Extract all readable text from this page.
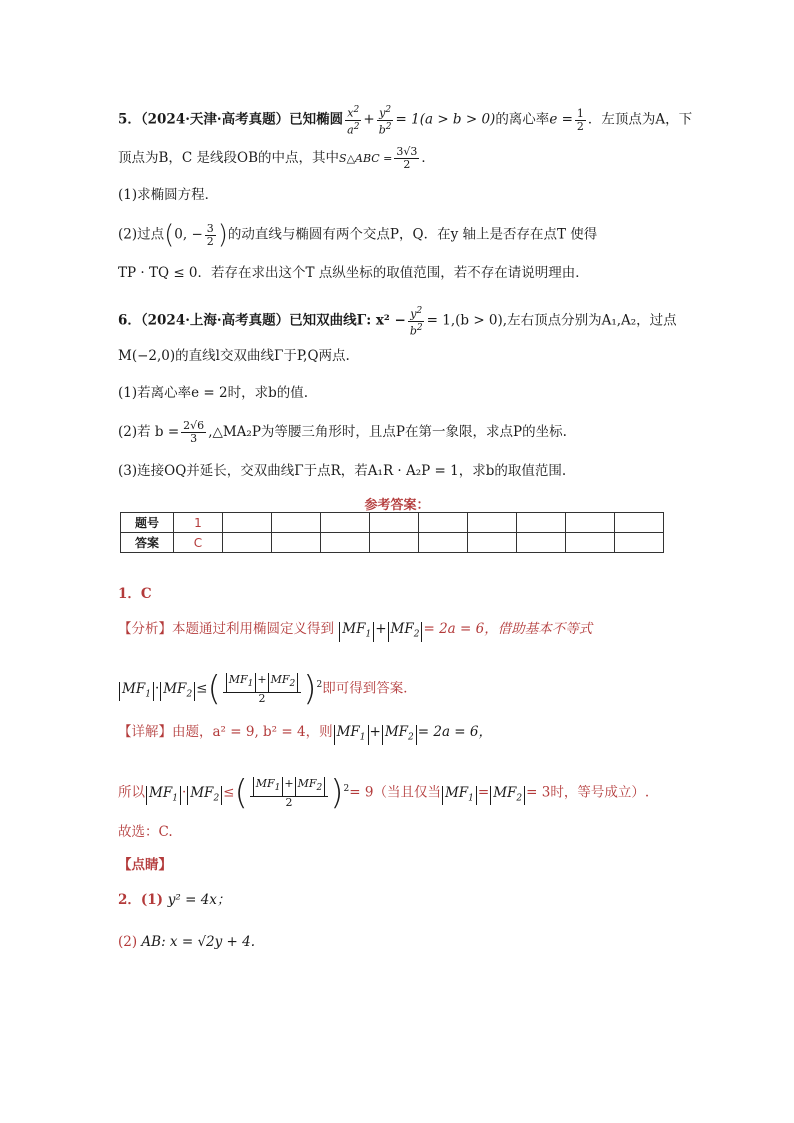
5．（2024·天津·高考真题）已知椭圆 $\frac{x^2}{a^2} + \frac{y^2}{b^2} = 1(a > b > 0)$的离心率$e = \frac{1}{2}$ ．左顶点为A，下
顶点为B，C 是线段OB的中点，其中S△ABC = $\frac{3√3}{2}$ ．
(1)求椭圆方程．
(2)过点(0, − $\frac{3}{2}$ )的动直线与椭圆有两个交点P，Q．在y 轴上是否存在点T 使得
TP · TQ ≤ 0．若存在求出这个T 点纵坐标的取值范围，若不存在请说明理由．
6．（2024·上海·高考真题）已知双曲线Γ: $x^2 - \frac{y^2}{b^2} = 1,(b > 0)$,左右顶点分别为A₁,A₂，过点
M(−2,0)的直线l交双曲线Γ于P,Q两点.
(1)若离心率e = 2时，求b的值.
(2)若 $b = \frac{2√6}{3}$ ,△MA₂P为等腰三角形时，且点P在第一象限，求点P的坐标.
(3)连接OQ并延长，交双曲线Γ于点R，若A₁R · A₂P = 1，求b的取值范围.
参考答案：
题号	1									
答案	C									
1．C
【分析】本题通过利用椭圆定义得到 $MF_1 + MF_2 = 2a = 6$，借助基本不等式
$MF_1 \cdot MF_2$ ≤( $\frac{MF_1 + MF_2}{2} )^2$即可得到答案．
【详解】由题，a² = 9, b² = 4，则 $MF_1 + MF_2 = 2a = 6$，
所以 $MF_1 \cdot MF_2$ ≤( $\frac{MF_1 + MF_2}{2} )^2= 9$（当且仅当 $MF_1 = MF_2 = 3$时，等号成立）.
故选：C.
【点睛】
2．(1) y² = 4x；
(2) AB: x = √2y + 4.
